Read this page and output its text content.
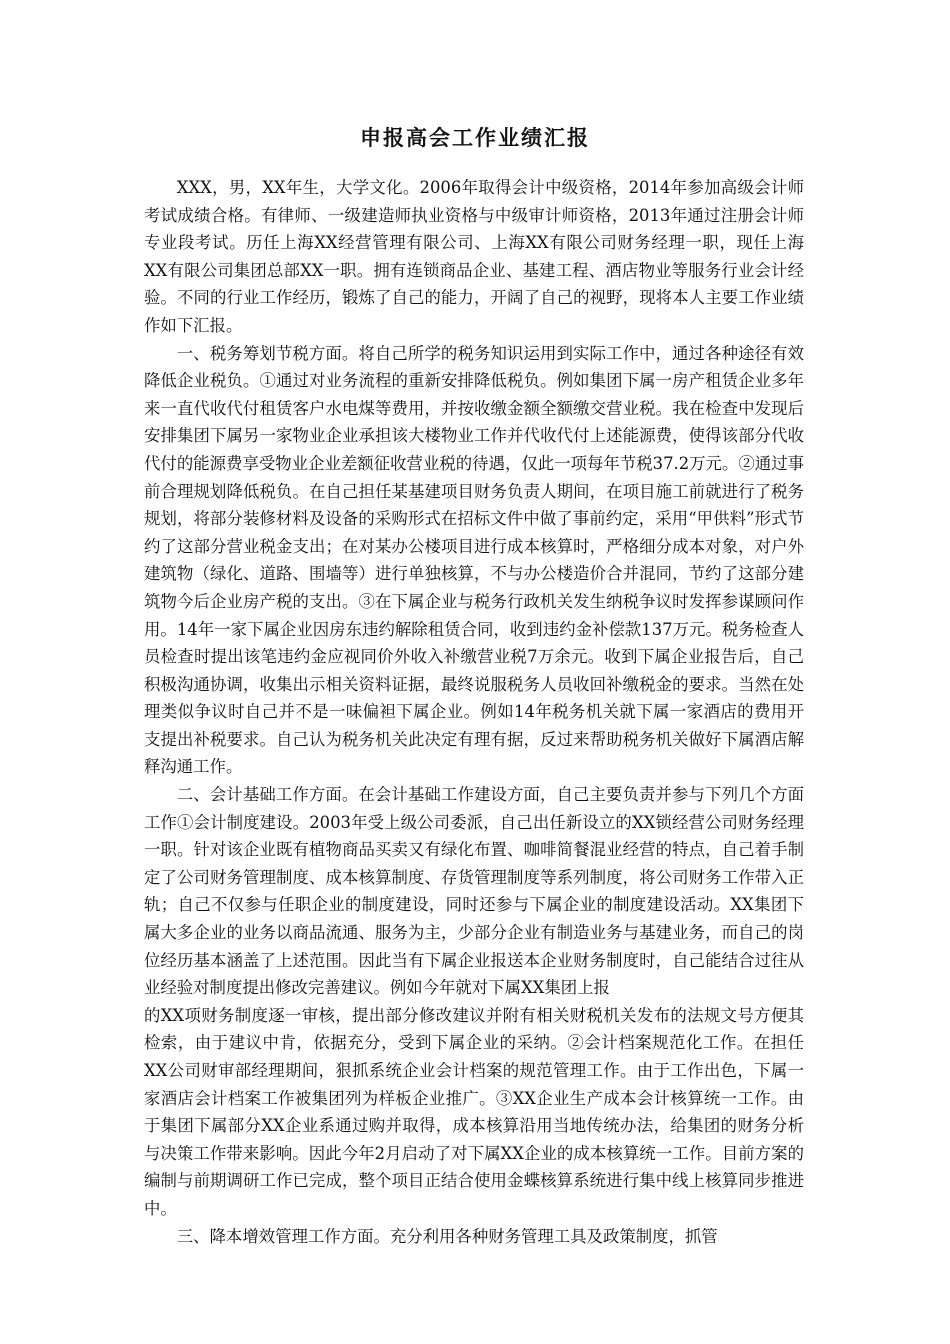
申报高会工作业绩汇报

XXX，男，XX年生，大学文化。2006年取得会计中级资格，2014年参加高级会计师考试成绩合格。有律师、一级建造师执业资格与中级审计师资格，2013年通过注册会计师专业段考试。历任上海XX经营管理有限公司、上海XX有限公司财务经理一职，现任上海XX有限公司集团总部XX一职。拥有连锁商品企业、基建工程、酒店物业等服务行业会计经验。不同的行业工作经历，锻炼了自己的能力，开阔了自己的视野，现将本人主要工作业绩作如下汇报。

一、税务筹划节税方面。将自己所学的税务知识运用到实际工作中，通过各种途径有效降低企业税负。①通过对业务流程的重新安排降低税负。例如集团下属一房产租赁企业多年来一直代收代付租赁客户水电煤等费用，并按收缴金额全额缴交营业税。我在检查中发现后安排集团下属另一家物业企业承担该大楼物业工作并代收代付上述能源费，使得该部分代收代付的能源费享受物业企业差额征收营业税的待遇，仅此一项每年节税37.2万元。②通过事前合理规划降低税负。在自己担任某基建项目财务负责人期间，在项目施工前就进行了税务规划，将部分装修材料及设备的采购形式在招标文件中做了事前约定，采用“甲供料”形式节约了这部分营业税金支出；在对某办公楼项目进行成本核算时，严格细分成本对象，对户外建筑物（绿化、道路、围墙等）进行单独核算，不与办公楼造价合并混同，节约了这部分建筑物今后企业房产税的支出。③在下属企业与税务行政机关发生纳税争议时发挥参谋顾问作用。14年一家下属企业因房东违约解除租赁合同，收到违约金补偿款137万元。税务检查人员检查时提出该笔违约金应视同价外收入补缴营业税7万余元。收到下属企业报告后，自己积极沟通协调，收集出示相关资料证据，最终说服税务人员收回补缴税金的要求。当然在处理类似争议时自己并不是一味偏袒下属企业。例如14年税务机关就下属一家酒店的费用开支提出补税要求。自己认为税务机关此决定有理有据，反过来帮助税务机关做好下属酒店解释沟通工作。

二、会计基础工作方面。在会计基础工作建设方面，自己主要负责并参与下列几个方面工作①会计制度建设。2003年受上级公司委派，自己出任新设立的XX锁经营公司财务经理一职。针对该企业既有植物商品买卖又有绿化布置、咖啡简餐混业经营的特点，自己着手制定了公司财务管理制度、成本核算制度、存货管理制度等系列制度，将公司财务工作带入正轨；自己不仅参与任职企业的制度建设，同时还参与下属企业的制度建设活动。XX集团下属大多企业的业务以商品流通、服务为主，少部分企业有制造业务与基建业务，而自己的岗位经历基本涵盖了上述范围。因此当有下属企业报送本企业财务制度时，自己能结合过往从业经验对制度提出修改完善建议。例如今年就对下属XX集团上报

的XX项财务制度逐一审核，提出部分修改建议并附有相关财税机关发布的法规文号方便其检索，由于建议中肯，依据充分，受到下属企业的采纳。②会计档案规范化工作。在担任XX公司财审部经理期间，狠抓系统企业会计档案的规范管理工作。由于工作出色，下属一家酒店会计档案工作被集团列为样板企业推广。③XX企业生产成本会计核算统一工作。由于集团下属部分XX企业系通过购并取得，成本核算沿用当地传统办法，给集团的财务分析与决策工作带来影响。因此今年2月启动了对下属XX企业的成本核算统一工作。目前方案的编制与前期调研工作已完成，整个项目正结合使用金蝶核算系统进行集中线上核算同步推进中。

三、降本增效管理工作方面。充分利用各种财务管理工具及政策制度，抓管
